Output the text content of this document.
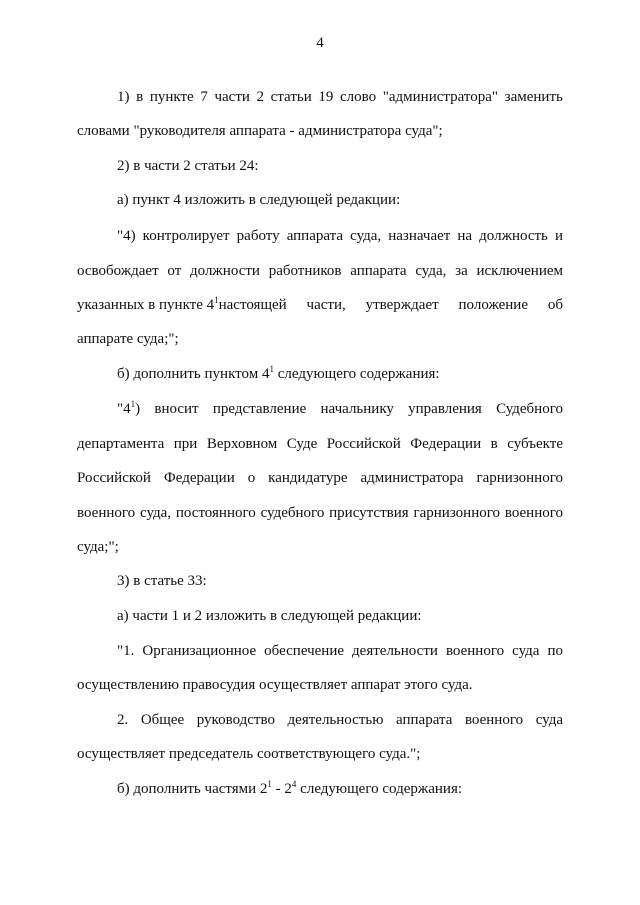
4
1) в пункте 7 части 2 статьи 19 слово "администратора" заменить
словами "руководителя аппарата - администратора суда";
2) в части 2 статьи 24:
а) пункт 4 изложить в следующей редакции:
"4) контролирует работу аппарата суда, назначает на должность и
освобождает от должности работников аппарата суда, за исключением
указанных в пункте $4^1$ настоящей части, утверждает положение об
аппарате суда;";
б) дополнить пунктом $4^1$ следующего содержания:
"$4^1$ ) вносит представление начальнику управления Судебного
департамента при Верховном Суде Российской Федерации в субъекте
Российской Федерации о кандидатуре администратора гарнизонного
военного суда, постоянного судебного присутствия гарнизонного военного
суда;";
3) в статье 33:
а) части 1 и 2 изложить в следующей редакции:
"1. Организационное обеспечение деятельности военного суда по
осуществлению правосудия осуществляет аппарат этого суда.
2. Общее руководство деятельностью аппарата военного суда
осуществляет председатель соответствующего суда.";
б) дополнить частями $2^1 - 2^4$ следующего содержания:
